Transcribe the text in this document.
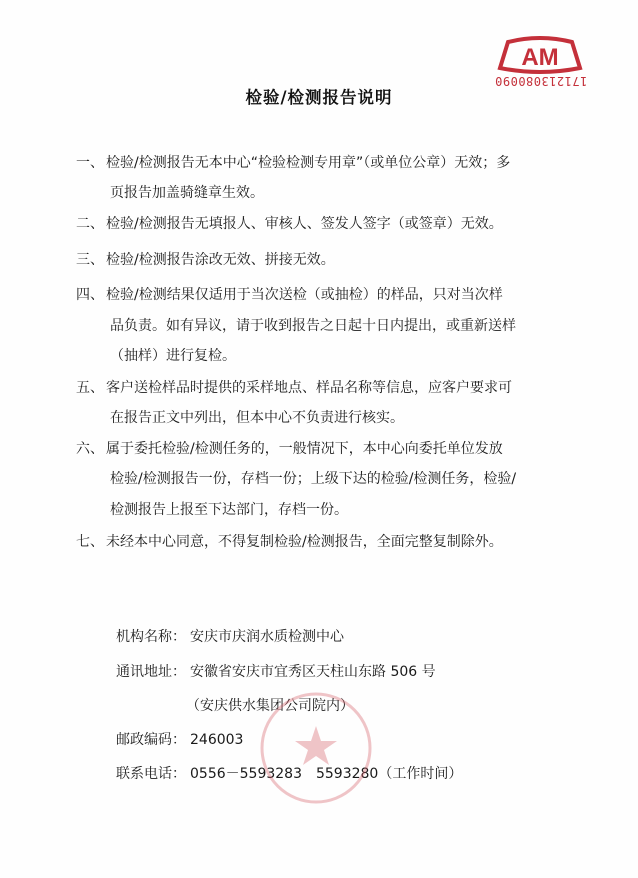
AM
171213080090
检验/检测报告说明
一、 检验/检测报告无本中心“检验检测专用章”（或单位公章）无效；多
页报告加盖骑缝章生效。
二、 检验/检测报告无填报人、审核人、签发人签字（或签章）无效。
三、 检验/检测报告涂改无效、拼接无效。
四、 检验/检测结果仅适用于当次送检（或抽检）的样品，只对当次样
品负责。如有异议，请于收到报告之日起十日内提出，或重新送样
（抽样）进行复检。
五、 客户送检样品时提供的采样地点、样品名称等信息，应客户要求可
在报告正文中列出，但本中心不负责进行核实。
六、 属于委托检验/检测任务的，一般情况下，本中心向委托单位发放
检验/检测报告一份，存档一份；上级下达的检验/检测任务，检验/
检测报告上报至下达部门，存档一份。
七、 未经本中心同意，不得复制检验/检测报告，全面完整复制除外。
机构名称： 安庆市庆润水质检测中心
通讯地址： 安徽省安庆市宜秀区天柱山东路 506 号
（安庆供水集团公司院内）
邮政编码： 246003
联系电话： 0556－5593283　5593280（工作时间）
